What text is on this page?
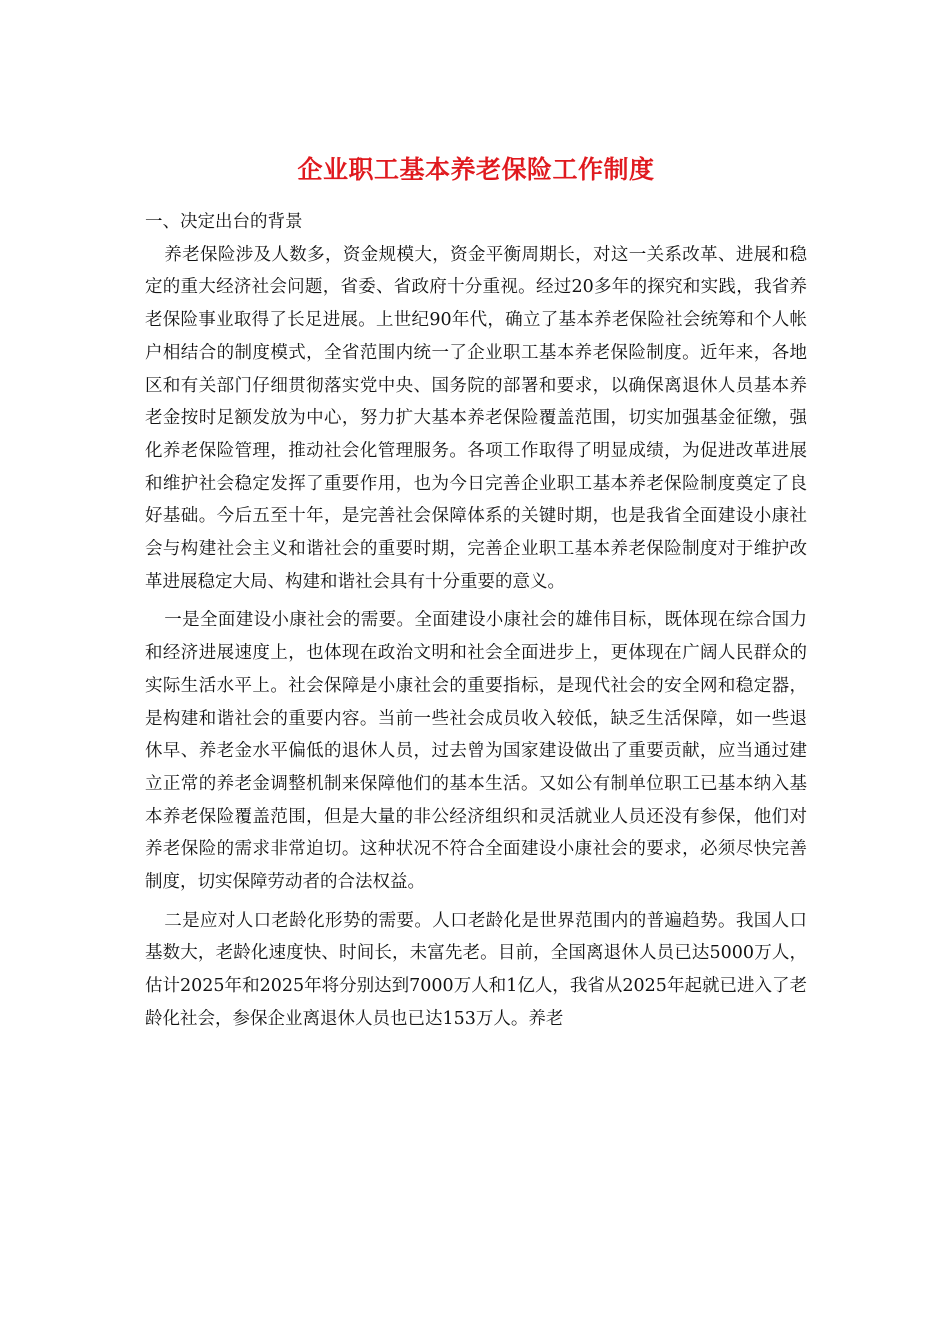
企业职工基本养老保险工作制度
一、决定出台的背景

养老保险涉及人数多，资金规模大，资金平衡周期长，对这一关系改革、进展和稳定的重大经济社会问题，省委、省政府十分重视。经过20多年的探究和实践，我省养老保险事业取得了长足进展。上世纪90年代，确立了基本养老保险社会统筹和个人帐户相结合的制度模式，全省范围内统一了企业职工基本养老保险制度。近年来，各地区和有关部门仔细贯彻落实党中央、国务院的部署和要求，以确保离退休人员基本养老金按时足额发放为中心，努力扩大基本养老保险覆盖范围，切实加强基金征缴，强化养老保险管理，推动社会化管理服务。各项工作取得了明显成绩，为促进改革进展和维护社会稳定发挥了重要作用，也为今日完善企业职工基本养老保险制度奠定了良好基础。今后五至十年，是完善社会保障体系的关键时期，也是我省全面建设小康社会与构建社会主义和谐社会的重要时期，完善企业职工基本养老保险制度对于维护改革进展稳定大局、构建和谐社会具有十分重要的意义。

一是全面建设小康社会的需要。全面建设小康社会的雄伟目标，既体现在综合国力和经济进展速度上，也体现在政治文明和社会全面进步上，更体现在广阔人民群众的实际生活水平上。社会保障是小康社会的重要指标，是现代社会的安全网和稳定器，是构建和谐社会的重要内容。当前一些社会成员收入较低，缺乏生活保障，如一些退休早、养老金水平偏低的退休人员，过去曾为国家建设做出了重要贡献，应当通过建立正常的养老金调整机制来保障他们的基本生活。又如公有制单位职工已基本纳入基本养老保险覆盖范围，但是大量的非公经济组织和灵活就业人员还没有参保，他们对养老保险的需求非常迫切。这种状况不符合全面建设小康社会的要求，必须尽快完善制度，切实保障劳动者的合法权益。

二是应对人口老龄化形势的需要。人口老龄化是世界范围内的普遍趋势。我国人口基数大，老龄化速度快、时间长，未富先老。目前，全国离退休人员已达5000万人，估计2025年和2025年将分别达到7000万人和1亿人，我省从2025年起就已进入了老龄化社会，参保企业离退休人员也已达153万人。养老
